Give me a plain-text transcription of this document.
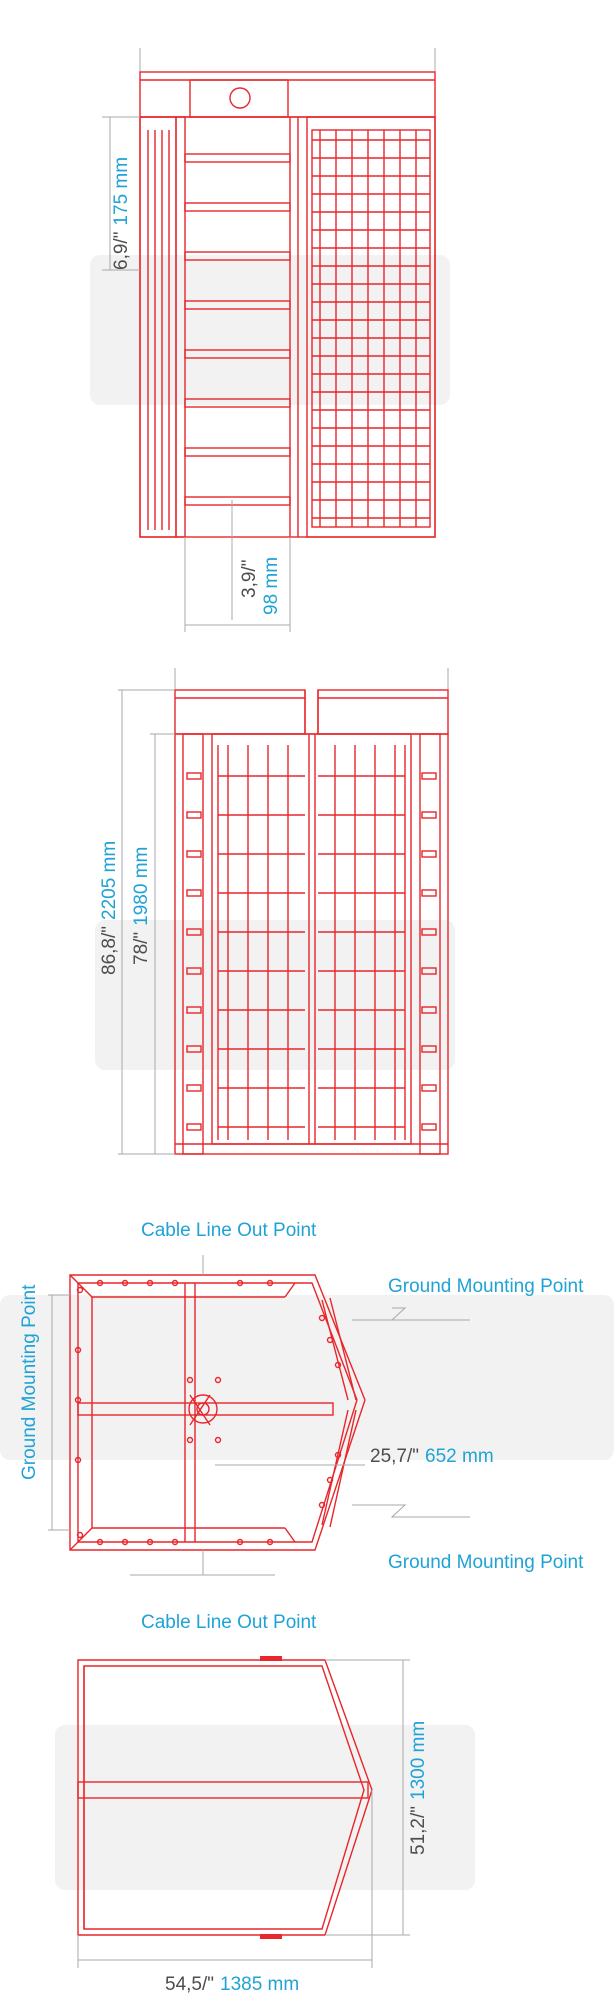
6,9/"175 mm
3,9/" 98 mm
86,8/"2205 mm
78/"1980 mm
Cable Line Out Point
Ground Mounting Point	Ground Mounting Point
Ground Mounting Point
25,7/" 652 mm
Cable Line Out Point
51,2/"1300 mm
54,5/" 1385 mm
